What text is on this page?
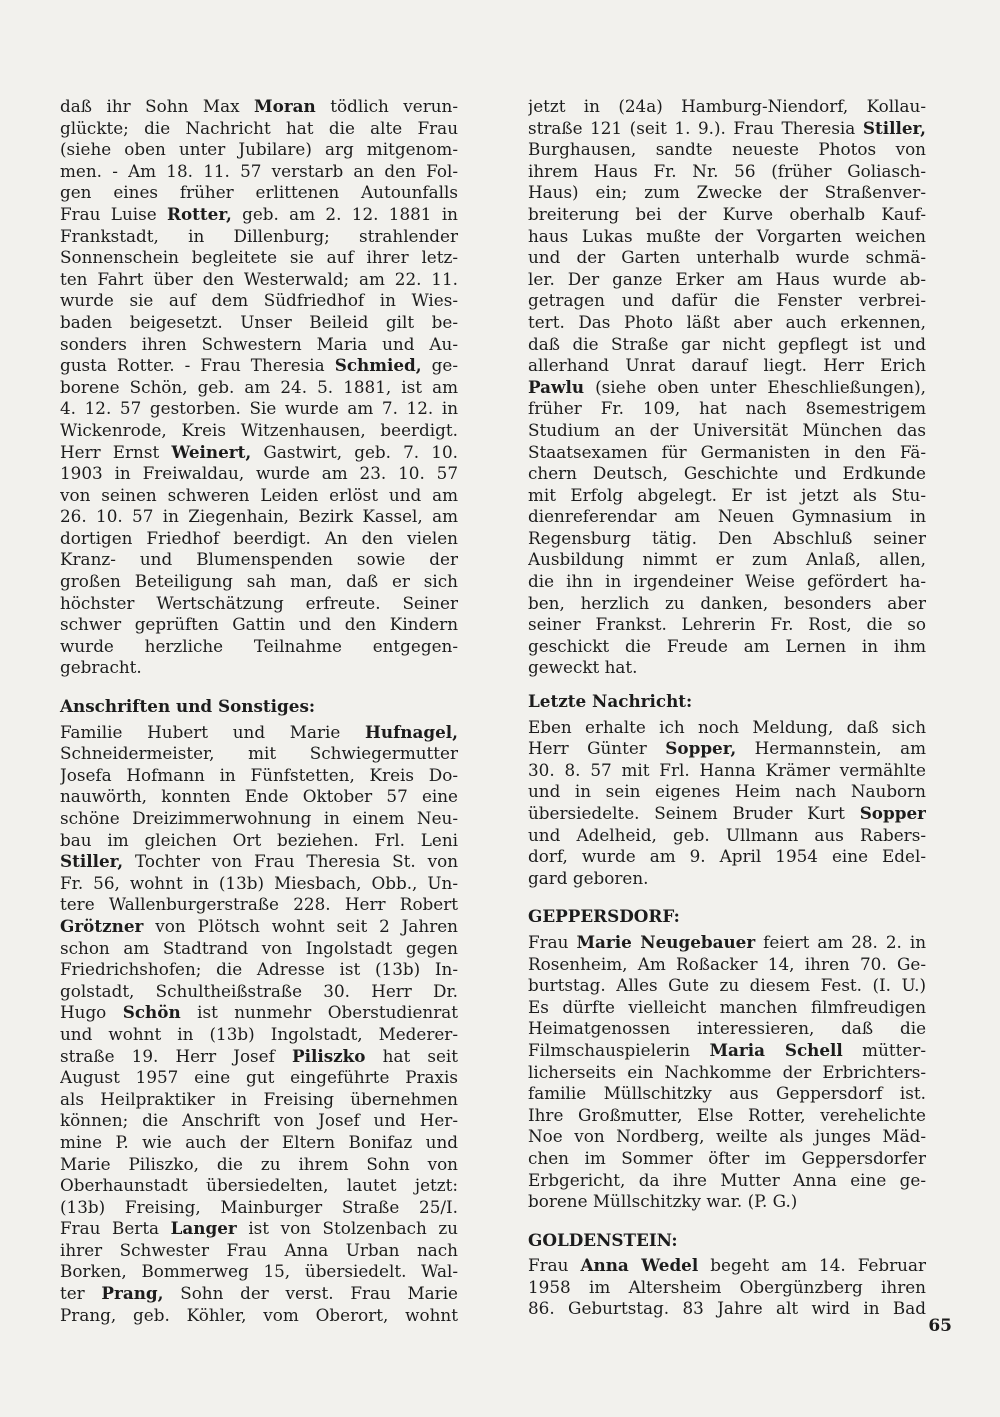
daß ihr Sohn Max Moran tödlich verun-
glückte; die Nachricht hat die alte Frau
(siehe oben unter Jubilare) arg mitgenom-
men. - Am 18. 11. 57 verstarb an den Fol-
gen eines früher erlittenen Autounfalls
Frau Luise Rotter, geb. am 2. 12. 1881 in
Frankstadt, in Dillenburg; strahlender
Sonnenschein begleitete sie auf ihrer letz-
ten Fahrt über den Westerwald; am 22. 11.
wurde sie auf dem Südfriedhof in Wies-
baden beigesetzt. Unser Beileid gilt be-
sonders ihren Schwestern Maria und Au-
gusta Rotter. - Frau Theresia Schmied, ge-
borene Schön, geb. am 24. 5. 1881, ist am
4. 12. 57 gestorben. Sie wurde am 7. 12. in
Wickenrode, Kreis Witzenhausen, beerdigt.
Herr Ernst Weinert, Gastwirt, geb. 7. 10.
1903 in Freiwaldau, wurde am 23. 10. 57
von seinen schweren Leiden erlöst und am
26. 10. 57 in Ziegenhain, Bezirk Kassel, am
dortigen Friedhof beerdigt. An den vielen
Kranz- und Blumenspenden sowie der
großen Beteiligung sah man, daß er sich
höchster Wertschätzung erfreute. Seiner
schwer geprüften Gattin und den Kindern
wurde herzliche Teilnahme entgegen-
gebracht.
Anschriften und Sonstiges:
Familie Hubert und Marie Hufnagel,
Schneidermeister, mit Schwiegermutter
Josefa Hofmann in Fünfstetten, Kreis Do-
nauwörth, konnten Ende Oktober 57 eine
schöne Dreizimmerwohnung in einem Neu-
bau im gleichen Ort beziehen. Frl. Leni
Stiller, Tochter von Frau Theresia St. von
Fr. 56, wohnt in (13b) Miesbach, Obb., Un-
tere Wallenburgerstraße 228. Herr Robert
Grötzner von Plötsch wohnt seit 2 Jahren
schon am Stadtrand von Ingolstadt gegen
Friedrichshofen; die Adresse ist (13b) In-
golstadt, Schultheißstraße 30. Herr Dr.
Hugo Schön ist nunmehr Oberstudienrat
und wohnt in (13b) Ingolstadt, Mederer-
straße 19. Herr Josef Piliszko hat seit
August 1957 eine gut eingeführte Praxis
als Heilpraktiker in Freising übernehmen
können; die Anschrift von Josef und Her-
mine P. wie auch der Eltern Bonifaz und
Marie Piliszko, die zu ihrem Sohn von
Oberhaunstadt übersiedelten, lautet jetzt:
(13b) Freising, Mainburger Straße 25/I.
Frau Berta Langer ist von Stolzenbach zu
ihrer Schwester Frau Anna Urban nach
Borken, Bommerweg 15, übersiedelt. Wal-
ter Prang, Sohn der verst. Frau Marie
Prang, geb. Köhler, vom Oberort, wohnt
jetzt in (24a) Hamburg-Niendorf, Kollau-
straße 121 (seit 1. 9.). Frau Theresia Stiller,
Burghausen, sandte neueste Photos von
ihrem Haus Fr. Nr. 56 (früher Goliasch-
Haus) ein; zum Zwecke der Straßenver-
breiterung bei der Kurve oberhalb Kauf-
haus Lukas mußte der Vorgarten weichen
und der Garten unterhalb wurde schmä-
ler. Der ganze Erker am Haus wurde ab-
getragen und dafür die Fenster verbrei-
tert. Das Photo läßt aber auch erkennen,
daß die Straße gar nicht gepflegt ist und
allerhand Unrat darauf liegt. Herr Erich
Pawlu (siehe oben unter Eheschließungen),
früher Fr. 109, hat nach 8semestrigem
Studium an der Universität München das
Staatsexamen für Germanisten in den Fä-
chern Deutsch, Geschichte und Erdkunde
mit Erfolg abgelegt. Er ist jetzt als Stu-
dienreferendar am Neuen Gymnasium in
Regensburg tätig. Den Abschluß seiner
Ausbildung nimmt er zum Anlaß, allen,
die ihn in irgendeiner Weise gefördert ha-
ben, herzlich zu danken, besonders aber
seiner Frankst. Lehrerin Fr. Rost, die so
geschickt die Freude am Lernen in ihm
geweckt hat.
Letzte Nachricht:
Eben erhalte ich noch Meldung, daß sich
Herr Günter Sopper, Hermannstein, am
30. 8. 57 mit Frl. Hanna Krämer vermählte
und in sein eigenes Heim nach Nauborn
übersiedelte. Seinem Bruder Kurt Sopper
und Adelheid, geb. Ullmann aus Rabers-
dorf, wurde am 9. April 1954 eine Edel-
gard geboren.
GEPPERSDORF:
Frau Marie Neugebauer feiert am 28. 2. in
Rosenheim, Am Roßacker 14, ihren 70. Ge-
burtstag. Alles Gute zu diesem Fest. (I. U.)
Es dürfte vielleicht manchen filmfreudigen
Heimatgenossen interessieren, daß die
Filmschauspielerin Maria Schell mütter-
licherseits ein Nachkomme der Erbrichters-
familie Müllschitzky aus Geppersdorf ist.
Ihre Großmutter, Else Rotter, verehelichte
Noe von Nordberg, weilte als junges Mäd-
chen im Sommer öfter im Geppersdorfer
Erbgericht, da ihre Mutter Anna eine ge-
borene Müllschitzky war. (P. G.)
GOLDENSTEIN:
Frau Anna Wedel begeht am 14. Februar
1958 im Altersheim Obergünzberg ihren
86. Geburtstag. 83 Jahre alt wird in Bad
65
